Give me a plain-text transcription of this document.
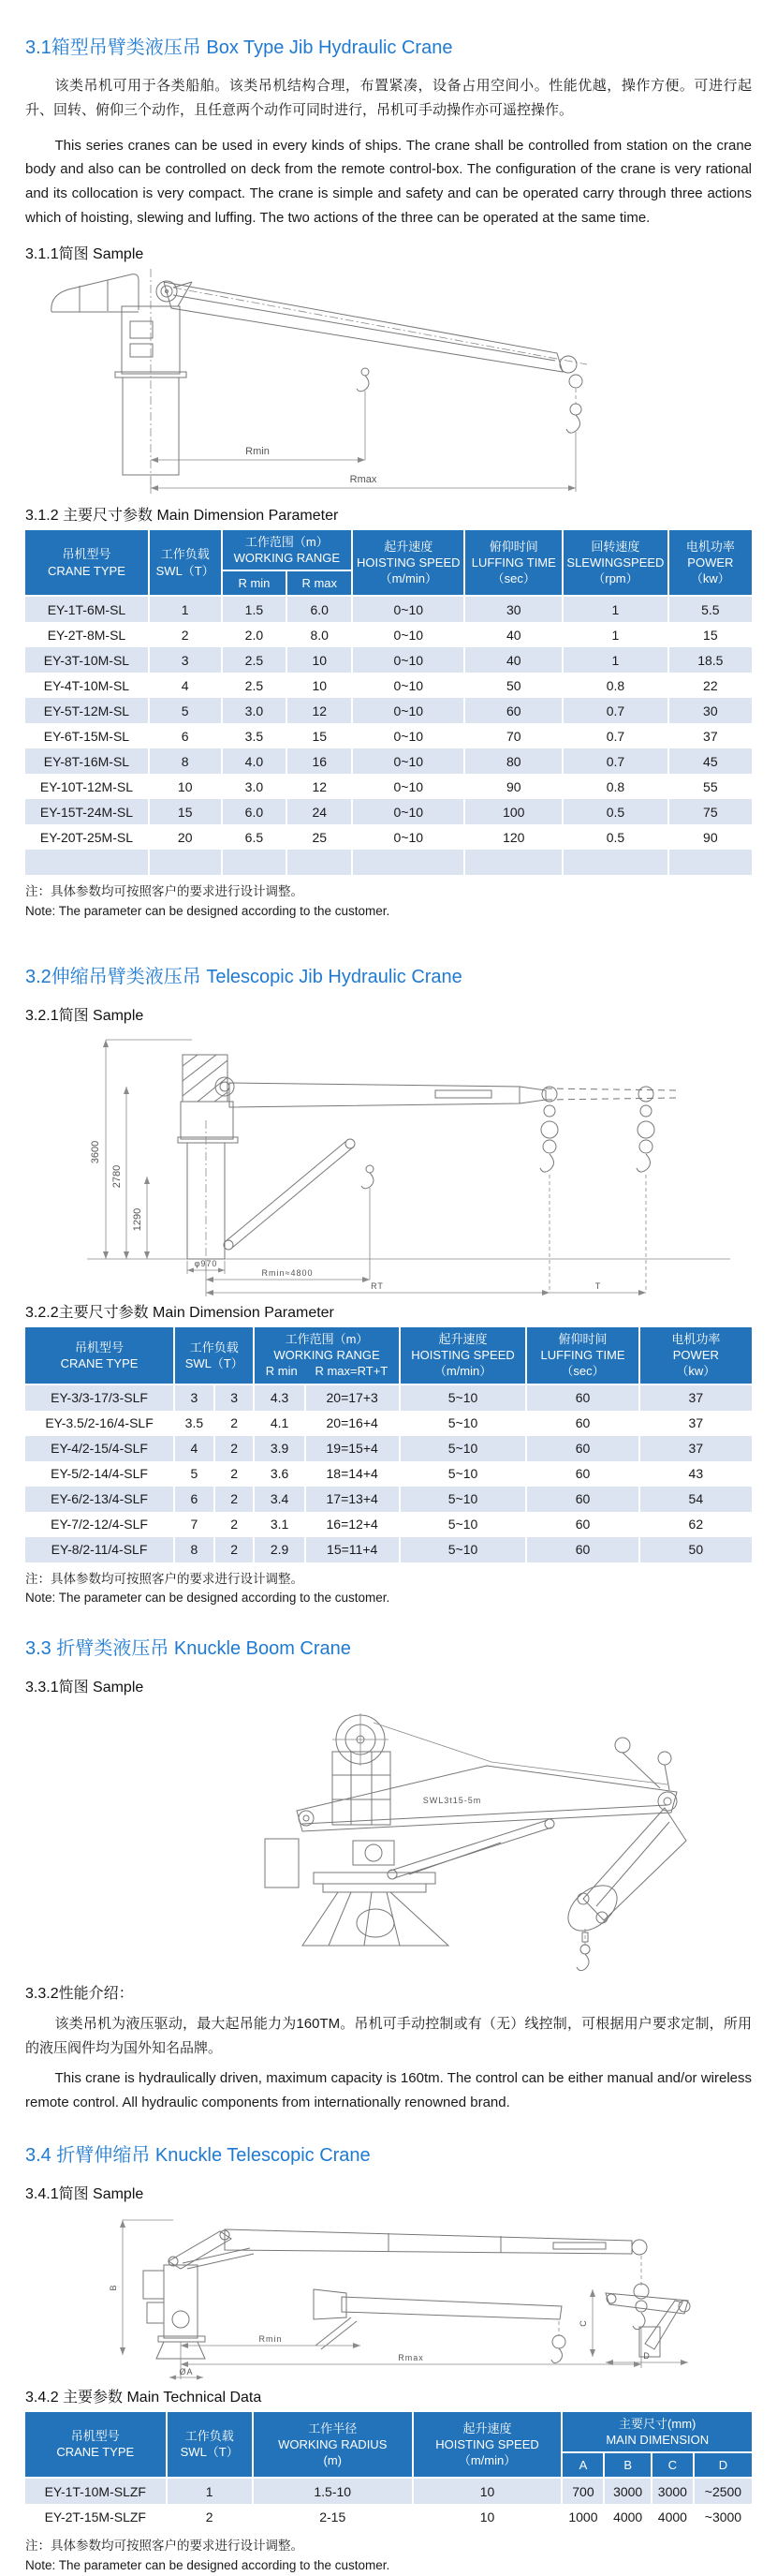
3.1箱型吊臂类液压吊 Box Type Jib Hydraulic Crane
该类吊机可用于各类船舶。该类吊机结构合理，布置紧凑，设备占用空间小。性能优越，操作方便。可进行起升、回转、俯仰三个动作，且任意两个动作可同时进行，吊机可手动操作亦可遥控操作。
This series cranes can be used in every kinds of ships. The crane shall be controlled from station on the crane body and also can be controlled on deck from the remote control-box. The configuration of the crane is very rational and its collocation is very compact. The crane is simple and safety and can be operated carry through three actions which of hoisting, slewing and luffing. The two actions of the three can be operated at the same time.
3.1.1简图 Sample
Rmin
Rmax
3.1.2 主要尺寸参数 Main Dimension Parameter
吊机型号
CRANE TYPE

工作负载
SWL（T）

工作范围（m）
WORKING RANGE

起升速度
HOISTING SPEED
（m/min）

俯仰时间
LUFFING TIME
（sec）

回转速度
SLEWINGSPEED
（rpm）

电机功率
POWER
（kw）

		R min	R max				
EY-1T-6M-SL	1	1.5	6.0	0~10	30	1	5.5
EY-2T-8M-SL	2	2.0	8.0	0~10	40	1	15
EY-3T-10M-SL	3	2.5	10	0~10	40	1	18.5
EY-4T-10M-SL	4	2.5	10	0~10	50	0.8	22
EY-5T-12M-SL	5	3.0	12	0~10	60	0.7	30
EY-6T-15M-SL	6	3.5	15	0~10	70	0.7	37
EY-8T-16M-SL	8	4.0	16	0~10	80	0.7	45
EY-10T-12M-SL	10	3.0	12	0~10	90	0.8	55
EY-15T-24M-SL	15	6.0	24	0~10	100	0.5	75
EY-20T-25M-SL	20	6.5	25	0~10	120	0.5	90

注：具体参数均可按照客户的要求进行设计调整。
Note: The parameter can be designed according to the customer.
3.2伸缩吊臂类液压吊 Telescopic Jib Hydraulic Crane
3.2.1简图 Sample
3600
2780
1290
φ970
Rmin≈4800
RT	T
3.2.2主要尺寸参数 Main Dimension Parameter
吊机型号
CRANE TYPE

工作负载
SWL（T）

工作范围（m）
WORKING RANGE
R min R max=RT+T

起升速度
HOISTING SPEED
（m/min）

俯仰时间
LUFFING TIME
（sec）

电机功率
POWER
（kw）

EY-3/3-17/3-SLF	3	3	4.3	20=17+3	5~10	60	37
EY-3.5/2-16/4-SLF	3.5	2	4.1	20=16+4	5~10	60	37
EY-4/2-15/4-SLF	4	2	3.9	19=15+4	5~10	60	37
EY-5/2-14/4-SLF	5	2	3.6	18=14+4	5~10	60	43
EY-6/2-13/4-SLF	6	2	3.4	17=13+4	5~10	60	54
EY-7/2-12/4-SLF	7	2	3.1	16=12+4	5~10	60	62
EY-8/2-11/4-SLF	8	2	2.9	15=11+4	5~10	60	50
注：具体参数均可按照客户的要求进行设计调整。
Note: The parameter can be designed according to the customer.
3.3 折臂类液压吊 Knuckle Boom Crane
3.3.1简图 Sample
SWL3t15-5m
3.3.2性能介绍：
该类吊机为液压驱动，最大起吊能力为160TM。吊机可手动控制或有（无）线控制，可根据用户要求定制，所用的液压阀件均为国外知名品牌。
This crane is hydraulically driven, maximum capacity is 160tm. The control can be either manual and/or wireless remote control. All hydraulic components from internationally renowned brand.
3.4 折臂伸缩吊 Knuckle Telescopic Crane
3.4.1简图 Sample
B
C
D
Rmin
Rmax
ØA
3.4.2 主要参数 Main Technical Data
吊机型号
CRANE TYPE

工作负载
SWL（T）

工作半径
WORKING RADIUS
(m)

起升速度
HOISTING SPEED
（m/min）

主要尺寸(mm)
MAIN DIMENSION

				A	B	C	D
EY-1T-10M-SLZF	1	1.5-10	10	700	3000	3000	~2500
EY-2T-15M-SLZF	2	2-15	10	1000	4000	4000	~3000
注：具体参数均可按照客户的要求进行设计调整。
Note: The parameter can be designed according to the customer.
